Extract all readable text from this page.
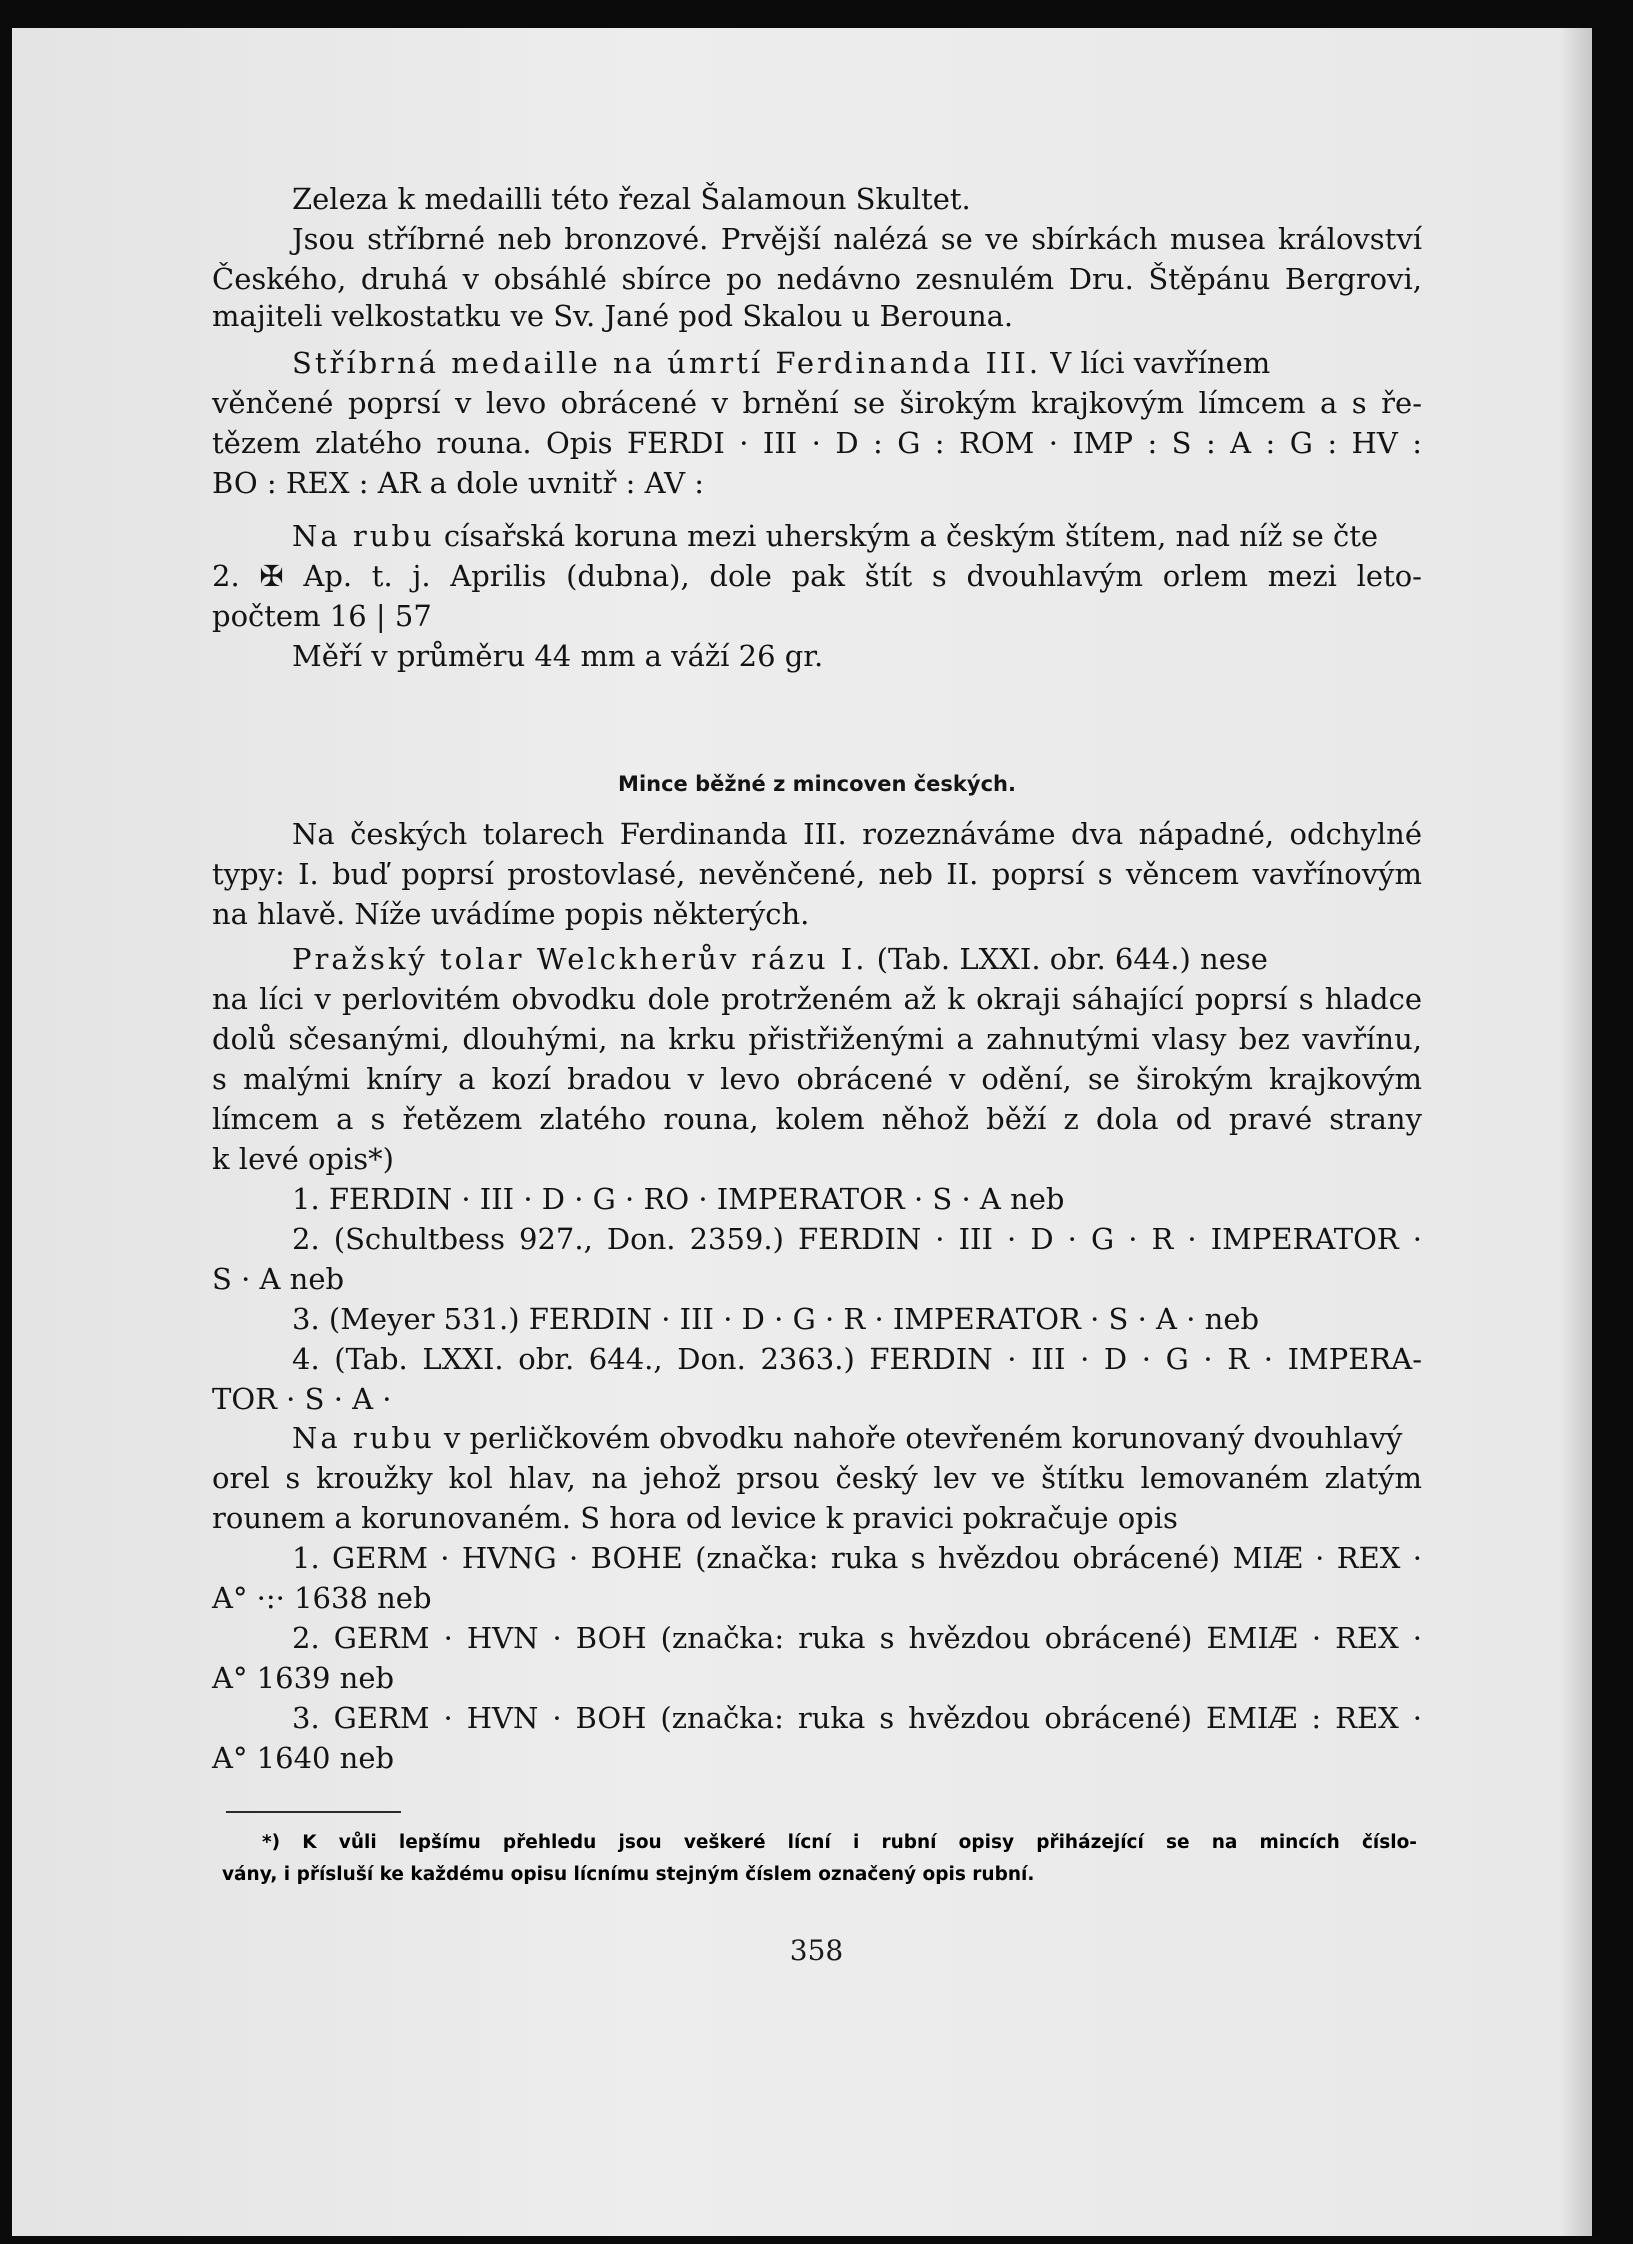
Zeleza k medailli této řezal Šalamoun Skultet.
Jsou stříbrné neb bronzové. Prvější nalézá se ve sbírkách musea království
Českého, druhá v obsáhlé sbírce po nedávno zesnulém Dru. Štěpánu Bergrovi,
majiteli velkostatku ve Sv. Jané pod Skalou u Berouna.
Stříbrná medaille na úmrtí Ferdinanda III. V líci vavřínem
věnčené poprsí v levo obrácené v brnění se širokým krajkovým límcem a s ře-
tězem zlatého rouna. Opis FERDI · III · D : G : ROM · IMP : S : A : G : HV :
BO : REX : AR a dole uvnitř : AV :
Na rubu císařská koruna mezi uherským a českým štítem, nad níž se čte
2. ✠ Ap. t. j. Aprilis (dubna), dole pak štít s dvouhlavým orlem mezi leto-
počtem 16 | 57
Měří v průměru 44 mm a váží 26 gr.
Mince běžné z mincoven českých.
Na českých tolarech Ferdinanda III. rozeznáváme dva nápadné, odchylné
typy: I. buď poprsí prostovlasé, nevěnčené, neb II. poprsí s věncem vavřínovým
na hlavě. Níže uvádíme popis některých.
Pražský tolar Welckherův rázu I. (Tab. LXXI. obr. 644.) nese
na líci v perlovitém obvodku dole protrženém až k okraji sáhající poprsí s hladce
dolů sčesanými, dlouhými, na krku přistřiženými a zahnutými vlasy bez vavřínu,
s malými kníry a kozí bradou v levo obrácené v odění, se širokým krajkovým
límcem a s řetězem zlatého rouna, kolem něhož běží z dola od pravé strany
k levé opis*)
1. FERDIN · III · D · G · RO · IMPERATOR · S · A neb
2. (Schultbess 927., Don. 2359.) FERDIN · III · D · G · R · IMPERATOR ·
S · A neb
3. (Meyer 531.) FERDIN · III · D · G · R · IMPERATOR · S · A · neb
4. (Tab. LXXI. obr. 644., Don. 2363.) FERDIN · III · D · G · R · IMPERA-
TOR · S · A ·
Na rubu v perličkovém obvodku nahoře otevřeném korunovaný dvouhlavý
orel s kroužky kol hlav, na jehož prsou český lev ve štítku lemovaném zlatým
rounem a korunovaném. S hora od levice k pravici pokračuje opis
1. GERM · HVNG · BOHE (značka: ruka s hvězdou obrácené) MIÆ · REX ·
A° ·:· 1638 neb
2. GERM · HVN · BOH (značka: ruka s hvězdou obrácené) EMIÆ · REX ·
A° 1639 neb
3. GERM · HVN · BOH (značka: ruka s hvězdou obrácené) EMIÆ : REX ·
A° 1640 neb
*) K vůli lepšímu přehledu jsou veškeré lícní i rubní opisy přiházející se na mincích číslo-
vány, i přísluší ke každému opisu lícnímu stejným číslem označený opis rubní.
358
